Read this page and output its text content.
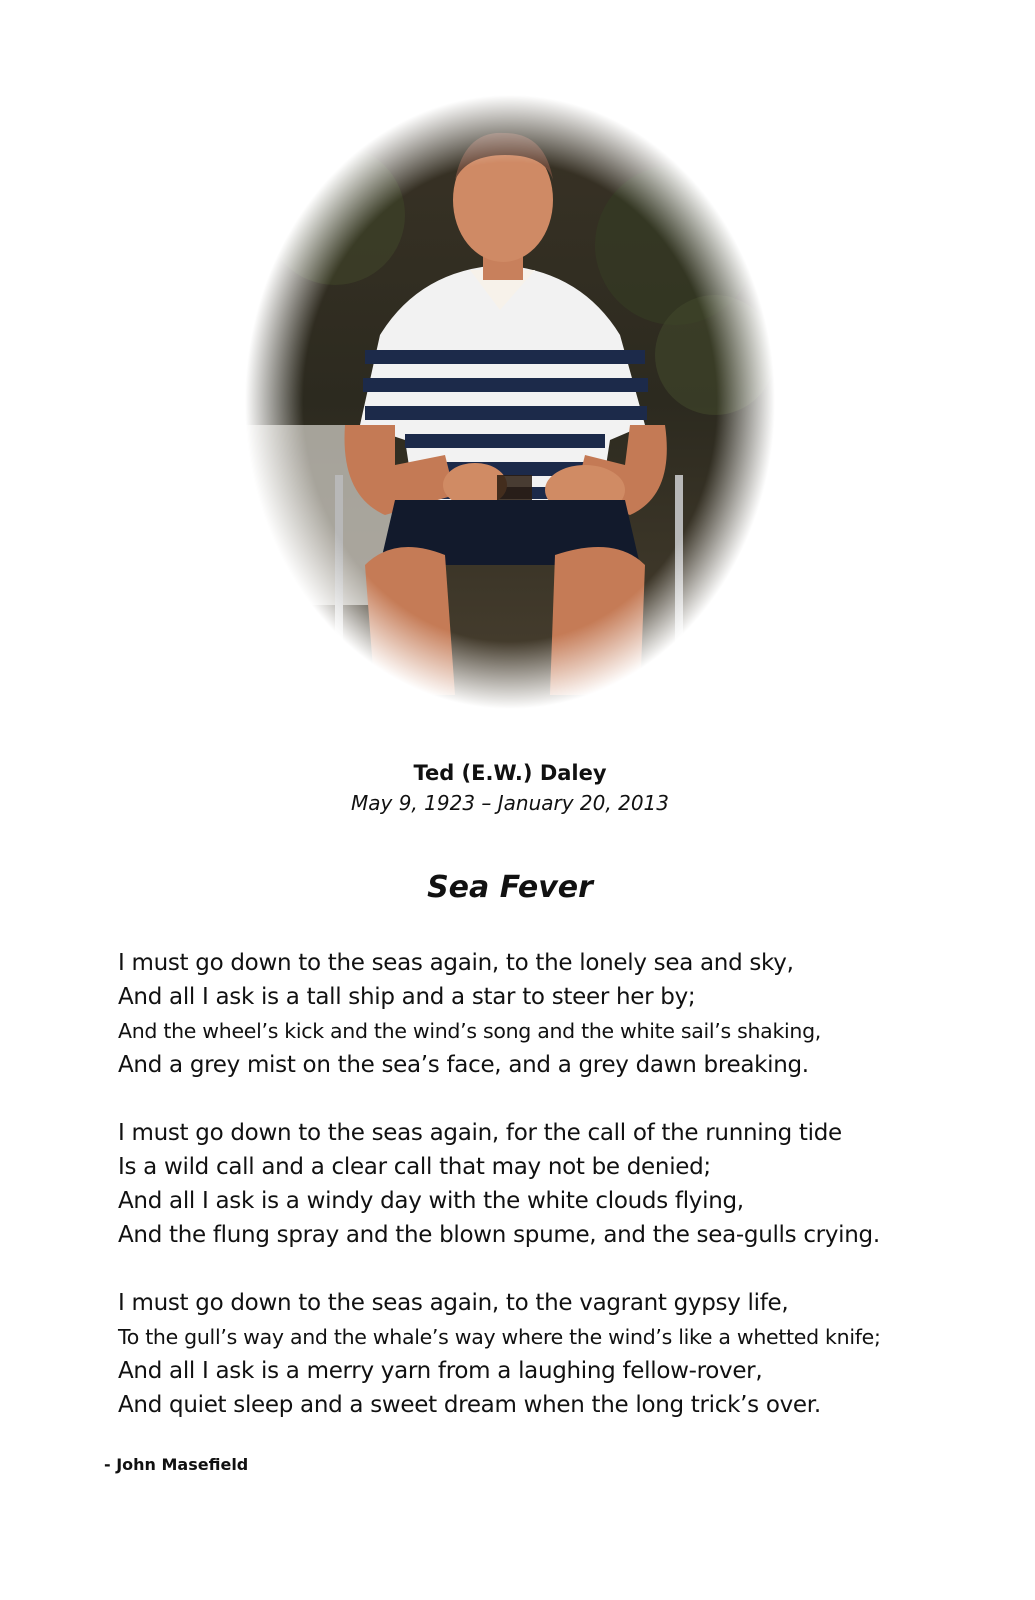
Ted (E.W.) Daley
May 9, 1923 – January 20, 2013
Sea Fever
I must go down to the seas again, to the lonely sea and sky,
And all I ask is a tall ship and a star to steer her by;
And the wheel’s kick and the wind’s song and the white sail’s shaking,
And a grey mist on the sea’s face, and a grey dawn breaking.
I must go down to the seas again, for the call of the running tide
Is a wild call and a clear call that may not be denied;
And all I ask is a windy day with the white clouds flying,
And the flung spray and the blown spume, and the sea-gulls crying.
I must go down to the seas again, to the vagrant gypsy life,
To the gull’s way and the whale’s way where the wind’s like a whetted knife;
And all I ask is a merry yarn from a laughing fellow-rover,
And quiet sleep and a sweet dream when the long trick’s over.
- John Masefield
